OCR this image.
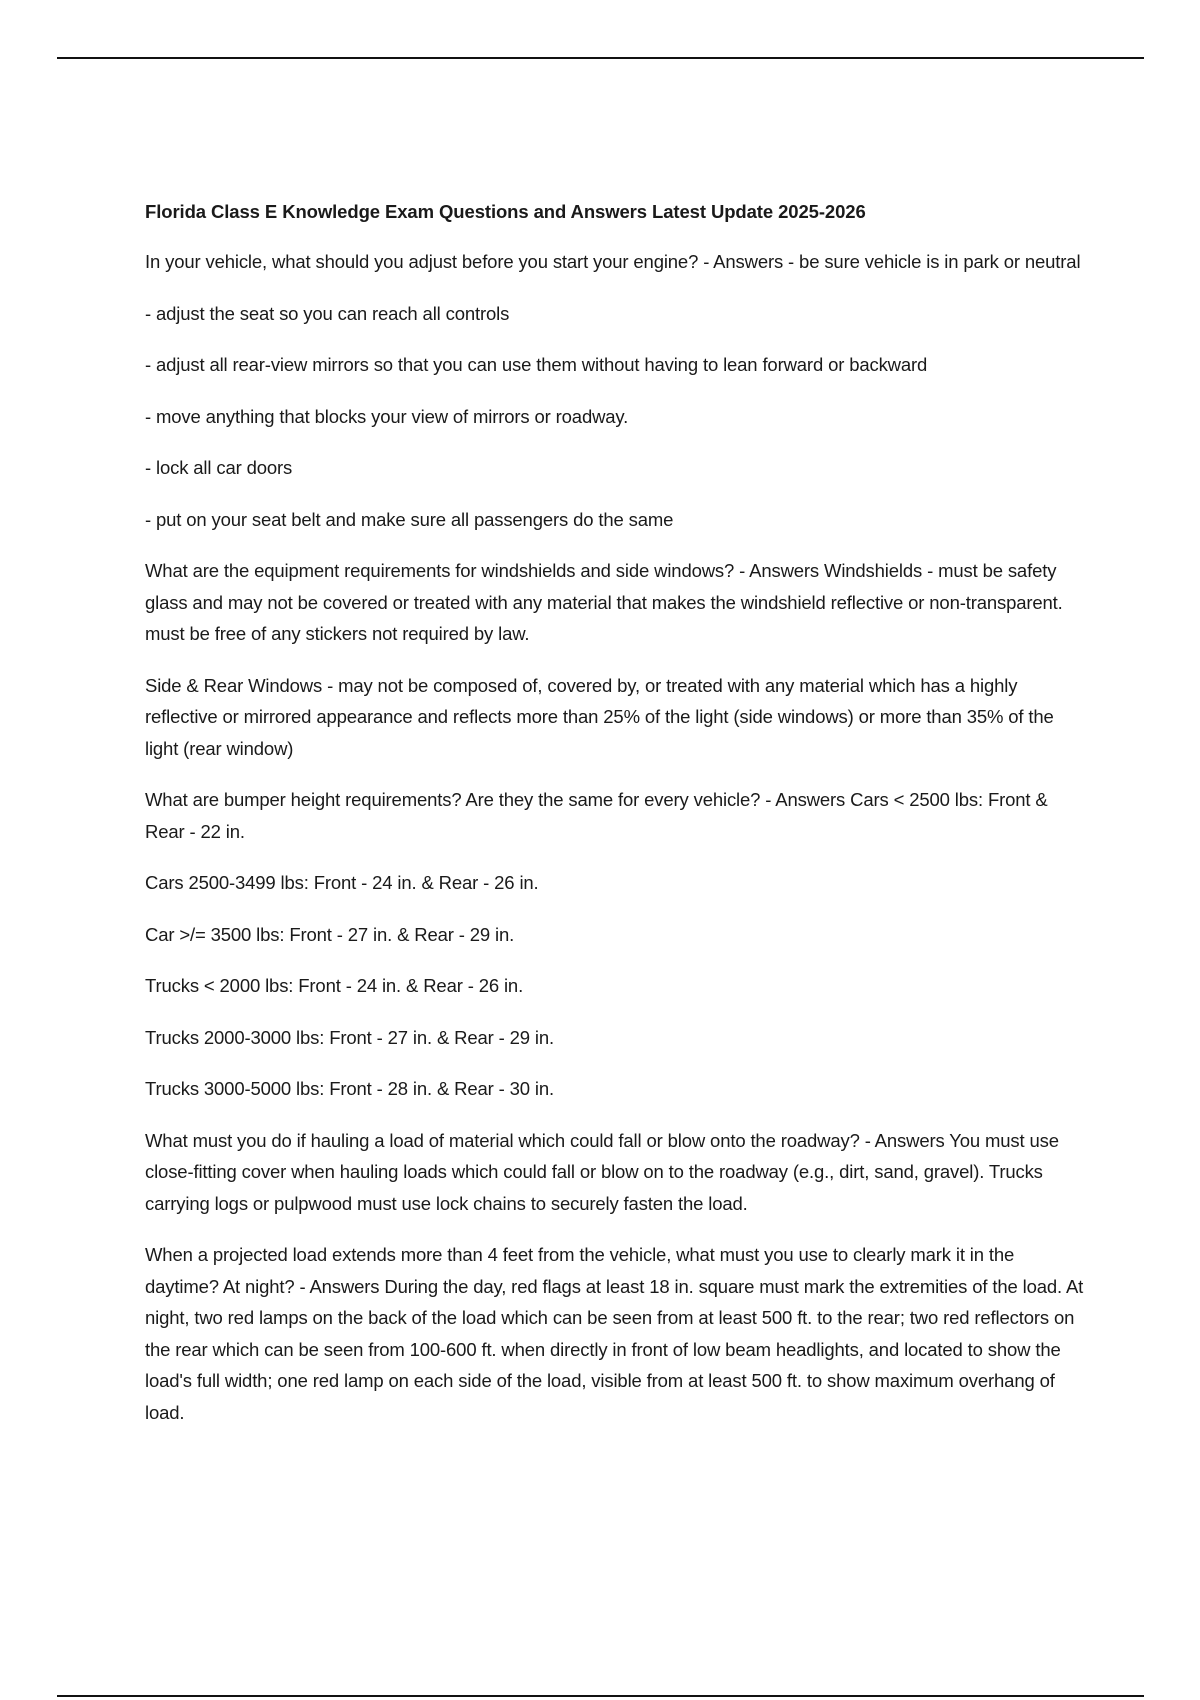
Florida Class E Knowledge Exam Questions and Answers Latest Update 2025-2026

In your vehicle, what should you adjust before you start your engine? - Answers - be sure vehicle is in park or neutral

- adjust the seat so you can reach all controls

- adjust all rear-view mirrors so that you can use them without having to lean forward or backward

- move anything that blocks your view of mirrors or roadway.

- lock all car doors

- put on your seat belt and make sure all passengers do the same

What are the equipment requirements for windshields and side windows? - Answers Windshields - must be safety glass and may not be covered or treated with any material that makes the windshield reflective or non-transparent. must be free of any stickers not required by law.

Side & Rear Windows - may not be composed of, covered by, or treated with any material which has a highly reflective or mirrored appearance and reflects more than 25% of the light (side windows) or more than 35% of the light (rear window)

What are bumper height requirements? Are they the same for every vehicle? - Answers Cars < 2500 lbs: Front & Rear - 22 in.

Cars 2500-3499 lbs: Front - 24 in. & Rear - 26 in.

Car >/= 3500 lbs: Front - 27 in. & Rear - 29 in.

Trucks < 2000 lbs: Front - 24 in. & Rear - 26 in.

Trucks 2000-3000 lbs: Front - 27 in. & Rear - 29 in.

Trucks 3000-5000 lbs: Front - 28 in. & Rear - 30 in.

What must you do if hauling a load of material which could fall or blow onto the roadway? - Answers You must use close-fitting cover when hauling loads which could fall or blow on to the roadway (e.g., dirt, sand, gravel). Trucks carrying logs or pulpwood must use lock chains to securely fasten the load.

When a projected load extends more than 4 feet from the vehicle, what must you use to clearly mark it in the daytime? At night? - Answers During the day, red flags at least 18 in. square must mark the extremities of the load. At night, two red lamps on the back of the load which can be seen from at least 500 ft. to the rear; two red reflectors on the rear which can be seen from 100-600 ft. when directly in front of low beam headlights, and located to show the load's full width; one red lamp on each side of the load, visible from at least 500 ft. to show maximum overhang of load.
